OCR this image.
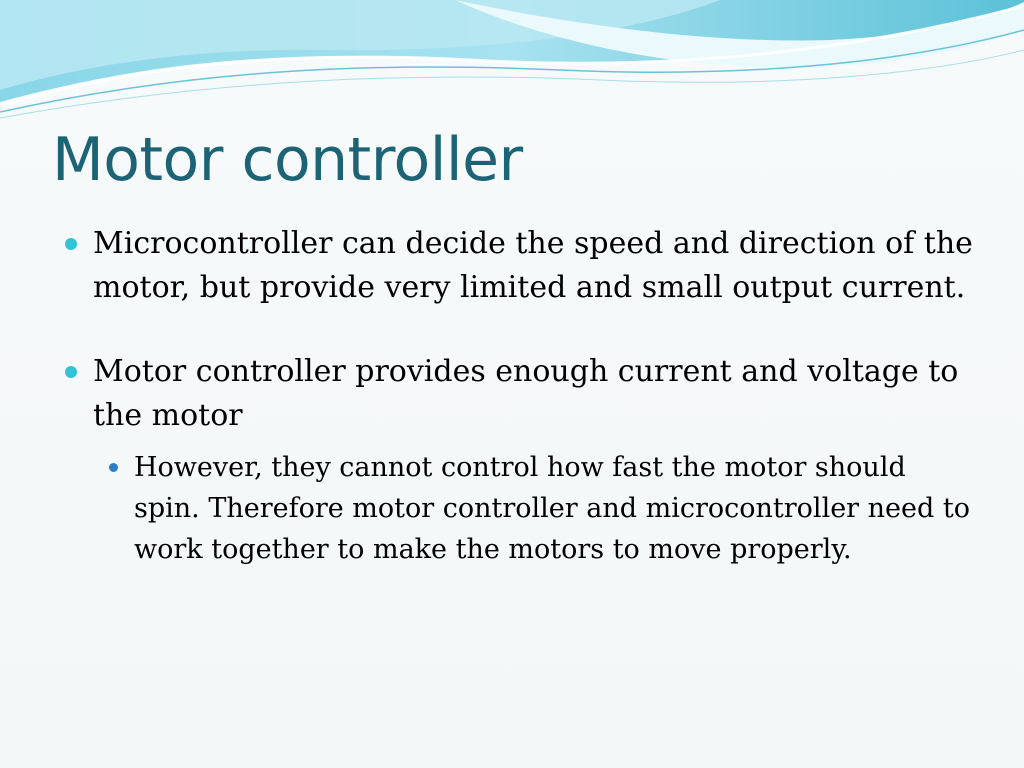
Motor controller
Microcontroller can decide the speed and direction of the motor, but provide very limited and small output current.
Motor controller provides enough current and voltage to the motor
However, they cannot control how fast the motor should spin. Therefore motor controller and microcontroller need to work together to make the motors to move properly.
